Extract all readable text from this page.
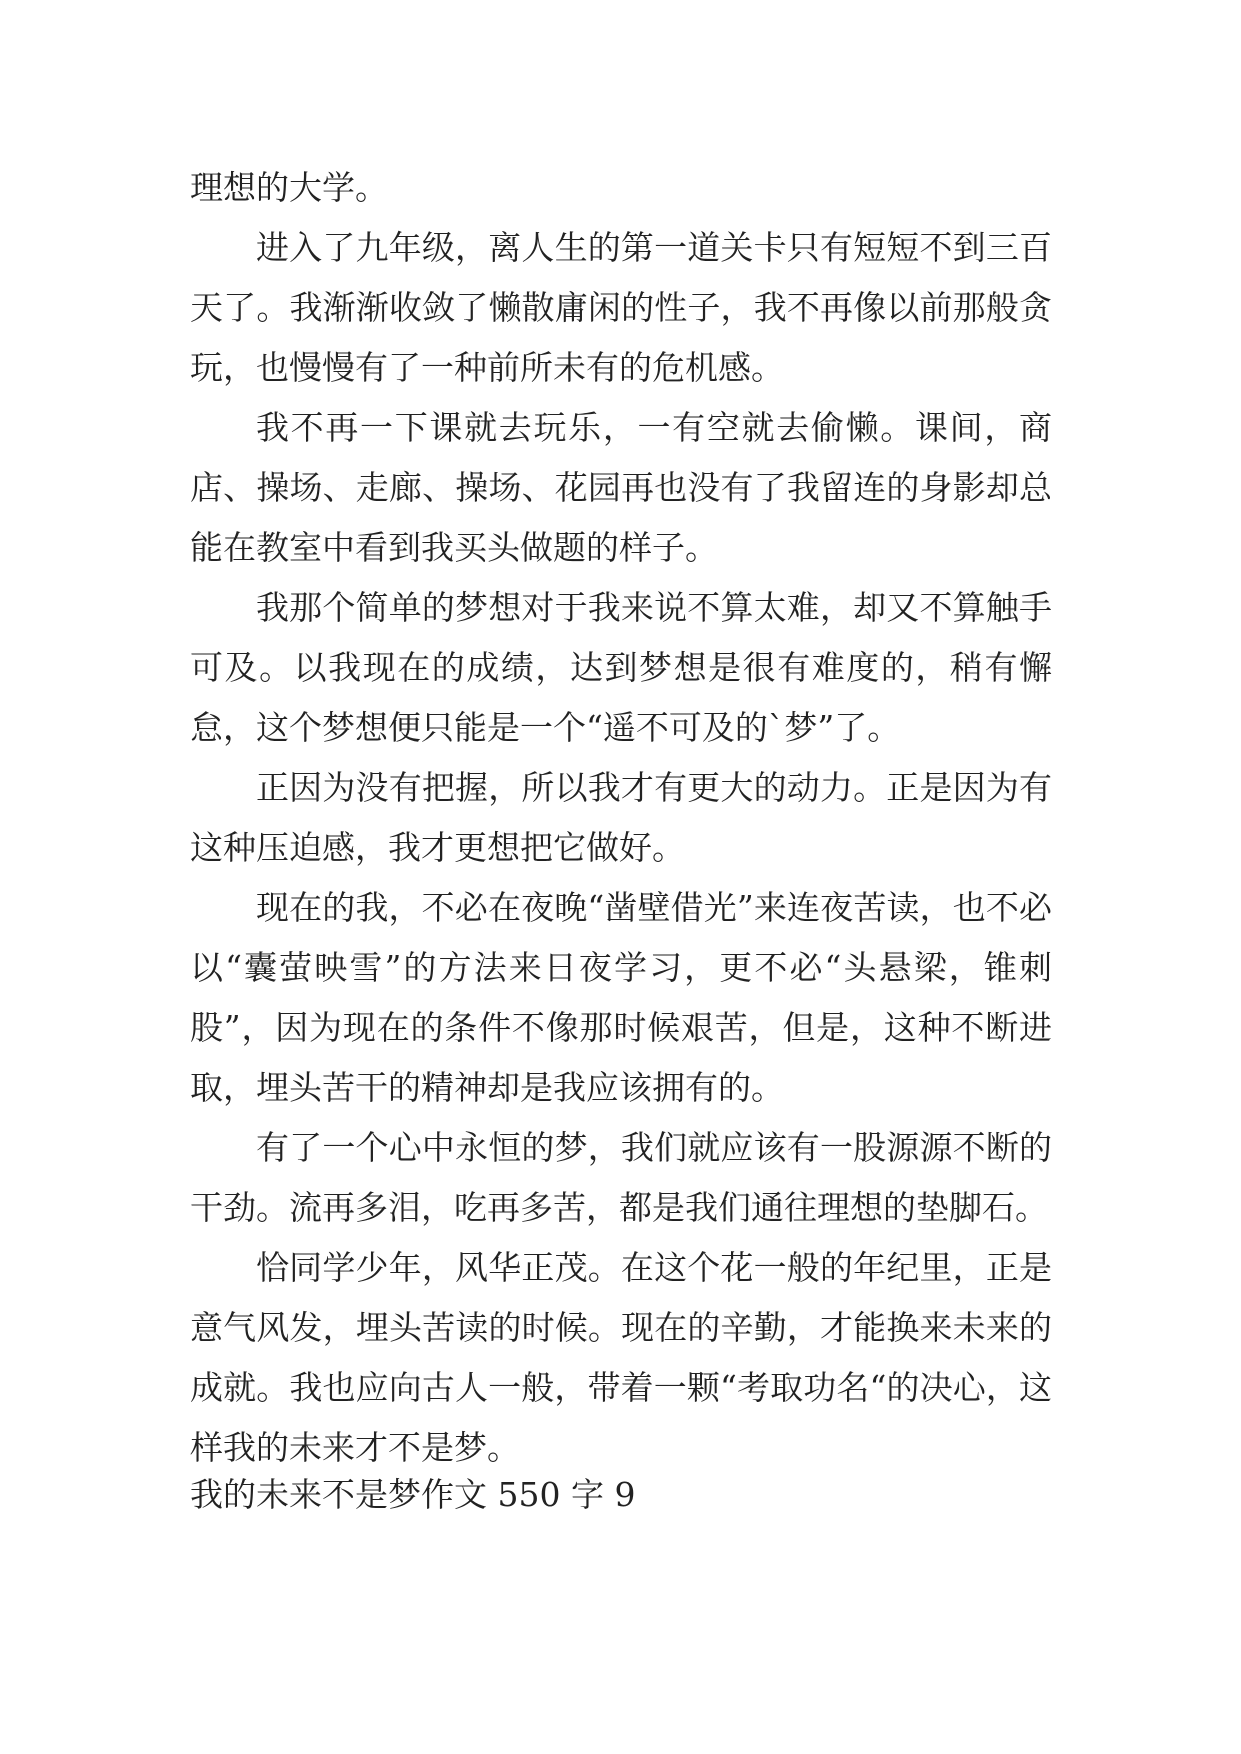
理想的大学。

进入了九年级，离人生的第一道关卡只有短短不到三百天了。我渐渐收敛了懒散庸闲的性子，我不再像以前那般贪玩，也慢慢有了一种前所未有的危机感。

我不再一下课就去玩乐，一有空就去偷懒。课间，商店、操场、走廊、操场、花园再也没有了我留连的身影却总能在教室中看到我买头做题的样子。

我那个简单的梦想对于我来说不算太难，却又不算触手可及。以我现在的成绩，达到梦想是很有难度的，稍有懈怠，这个梦想便只能是一个“遥不可及的`梦”了。

正因为没有把握，所以我才有更大的动力。正是因为有这种压迫感，我才更想把它做好。

现在的我，不必在夜晚“凿壁借光”来连夜苦读，也不必以“囊萤映雪”的方法来日夜学习，更不必“头悬梁，锥刺股”，因为现在的条件不像那时候艰苦，但是，这种不断进取，埋头苦干的精神却是我应该拥有的。

有了一个心中永恒的梦，我们就应该有一股源源不断的干劲。流再多泪，吃再多苦，都是我们通往理想的垫脚石。

恰同学少年，风华正茂。在这个花一般的年纪里，正是意气风发，埋头苦读的时候。现在的辛勤，才能换来未来的成就。我也应向古人一般，带着一颗“考取功名“的决心，这样我的未来才不是梦。

我的未来不是梦作文 550 字 9
